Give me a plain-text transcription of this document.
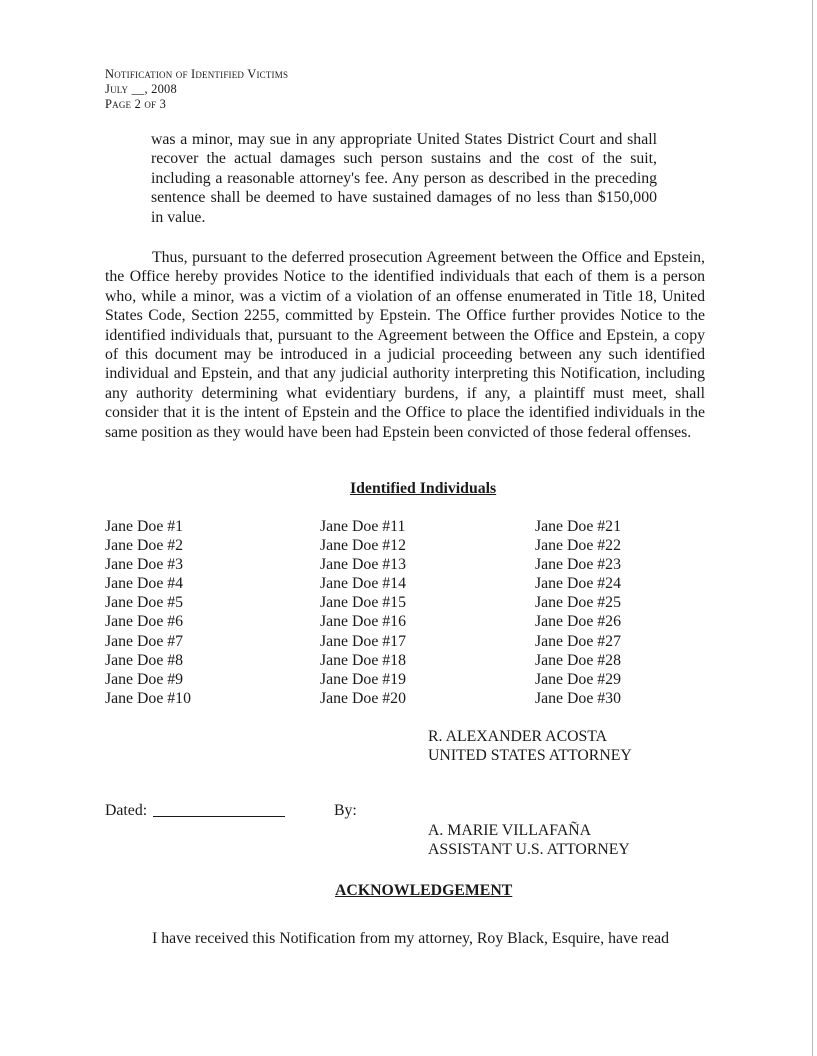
Notification of Identified Victims
July __, 2008
Page 2 of 3

was a minor, may sue in any appropriate United States District Court and shall recover the actual damages such person sustains and the cost of the suit, including a reasonable attorney's fee. Any person as described in the preceding sentence shall be deemed to have sustained damages of no less than $150,000 in value.

Thus, pursuant to the deferred prosecution Agreement between the Office and Epstein, the Office hereby provides Notice to the identified individuals that each of them is a person who, while a minor, was a victim of a violation of an offense enumerated in Title 18, United States Code, Section 2255, committed by Epstein. The Office further provides Notice to the identified individuals that, pursuant to the Agreement between the Office and Epstein, a copy of this document may be introduced in a judicial proceeding between any such identified individual and Epstein, and that any judicial authority interpreting this Notification, including any authority determining what evidentiary burdens, if any, a plaintiff must meet, shall consider that it is the intent of Epstein and the Office to place the identified individuals in the same position as they would have been had Epstein been convicted of those federal offenses.

Identified Individuals
Jane Doe #1
Jane Doe #2
Jane Doe #3
Jane Doe #4
Jane Doe #5
Jane Doe #6
Jane Doe #7
Jane Doe #8
Jane Doe #9
Jane Doe #10
Jane Doe #11
Jane Doe #12
Jane Doe #13
Jane Doe #14
Jane Doe #15
Jane Doe #16
Jane Doe #17
Jane Doe #18
Jane Doe #19
Jane Doe #20
Jane Doe #21
Jane Doe #22
Jane Doe #23
Jane Doe #24
Jane Doe #25
Jane Doe #26
Jane Doe #27
Jane Doe #28
Jane Doe #29
Jane Doe #30
R. ALEXANDER ACOSTA
UNITED STATES ATTORNEY
Dated:	By:
A. MARIE VILLAFAÑA
ASSISTANT U.S. ATTORNEY
ACKNOWLEDGEMENT
I have received this Notification from my attorney, Roy Black, Esquire, have read
